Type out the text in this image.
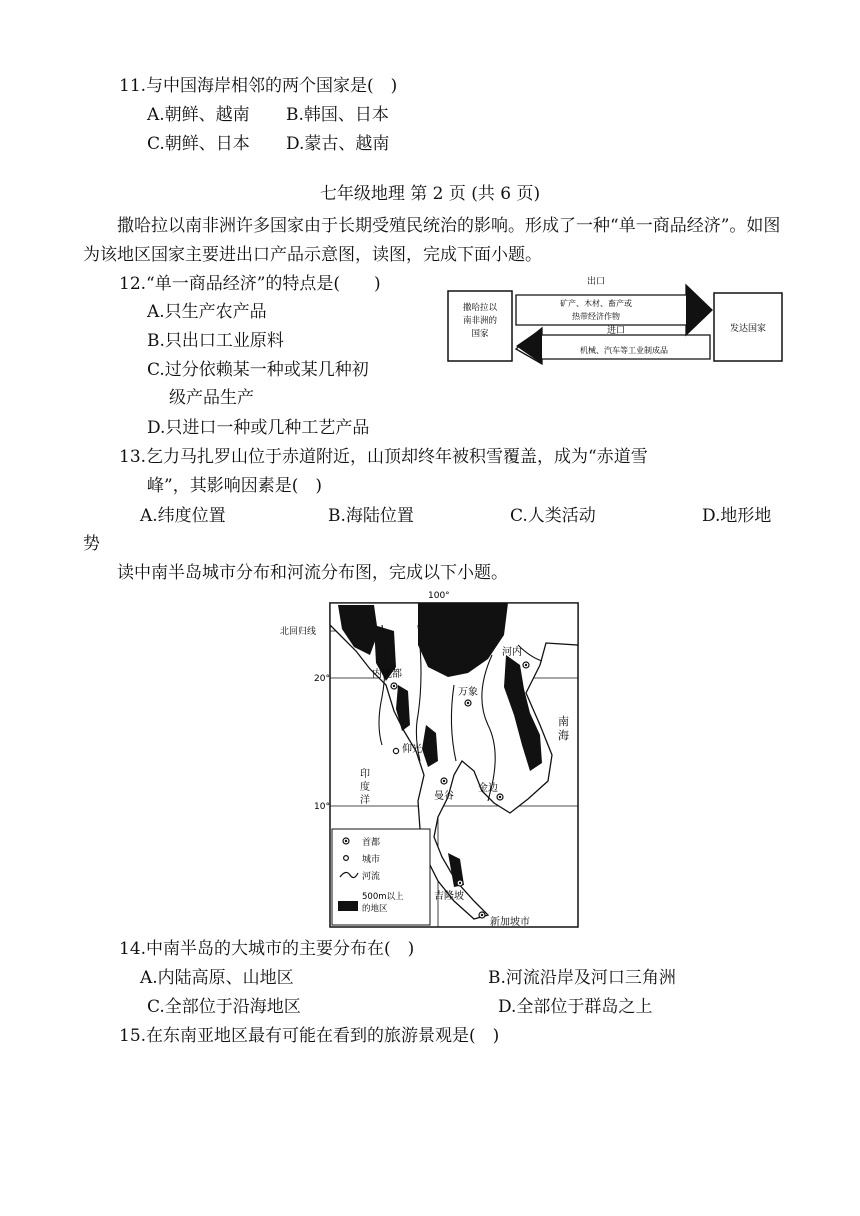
11.与中国海岸相邻的两个国家是(　)
A.朝鲜、越南 B.韩国、日本
C.朝鲜、日本 D.蒙古、越南
七年级地理 第 2 页 (共 6 页)
撒哈拉以南非洲许多国家由于长期受殖民统治的影响。形成了一种“单一商品经济”。如图为该地区国家主要进出口产品示意图，读图，完成下面小题。
12.“单一商品经济”的特点是(　　)
A.只生产农产品
B.只出口工业原料
C.过分依赖某一种或某几种初
级产品生产
D.只进口一种或几种工艺产品
撒哈拉以
南非洲的
国家	发达国家
出口
矿产、木材、畜产或
热带经济作物
进口
机械、汽车等工业制成品
13.乞力马扎罗山位于赤道附近，山顶却终年被积雪覆盖，成为“赤道雪
峰”，其影响因素是(　)
A.纬度位置	B.海陆位置	C.人类活动	D.地形地
势
读中南半岛城市分布和河流分布图，完成以下小题。
100°
北回归线
20°
10°
内比都
河内
万象
仰光
曼谷
金边
吉隆坡
新加坡市
南
海
印
度
洋
首都
城市
河流
500m以上
的地区
14.中南半岛的大城市的主要分布在(　)
A.内陆高原、山地区	B.河流沿岸及河口三角洲
C.全部位于沿海地区	D.全部位于群岛之上
15.在东南亚地区最有可能在看到的旅游景观是(　)
